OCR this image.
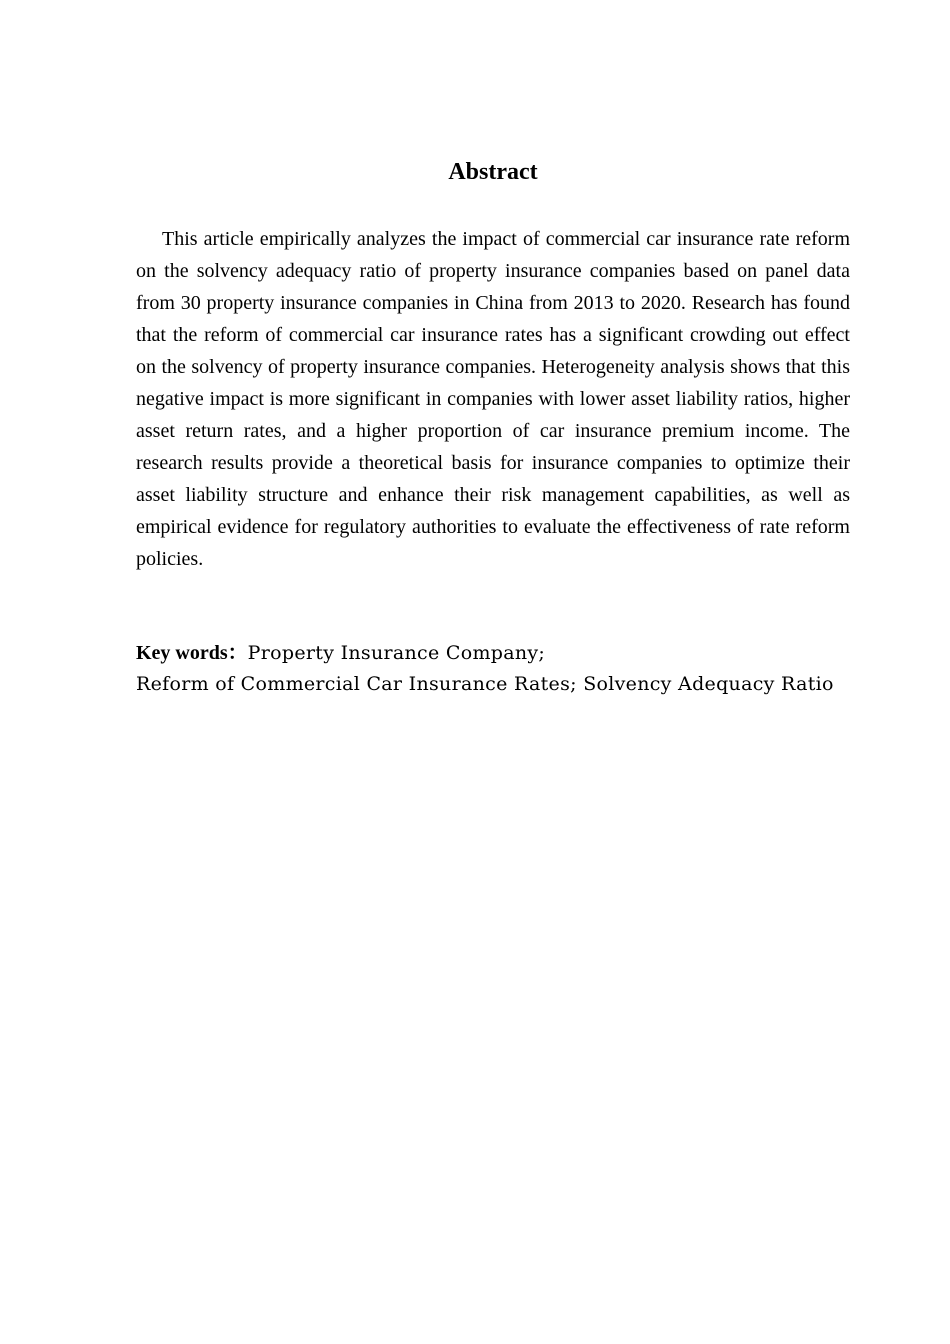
Abstract

This article empirically analyzes the impact of commercial car insurance rate reform on the solvency adequacy ratio of property insurance companies based on panel data from 30 property insurance companies in China from 2013 to 2020. Research has found that the reform of commercial car insurance rates has a significant crowding out effect on the solvency of property insurance companies. Heterogeneity analysis shows that this negative impact is more significant in companies with lower asset liability ratios, higher asset return rates, and a higher proportion of car insurance premium income. The research results provide a theoretical basis for insurance companies to optimize their asset liability structure and enhance their risk management capabilities, as well as empirical evidence for regulatory authorities to evaluate the effectiveness of rate reform policies.

Key words：Property Insurance Company;
Reform of Commercial Car Insurance Rates; Solvency Adequacy Ratio
